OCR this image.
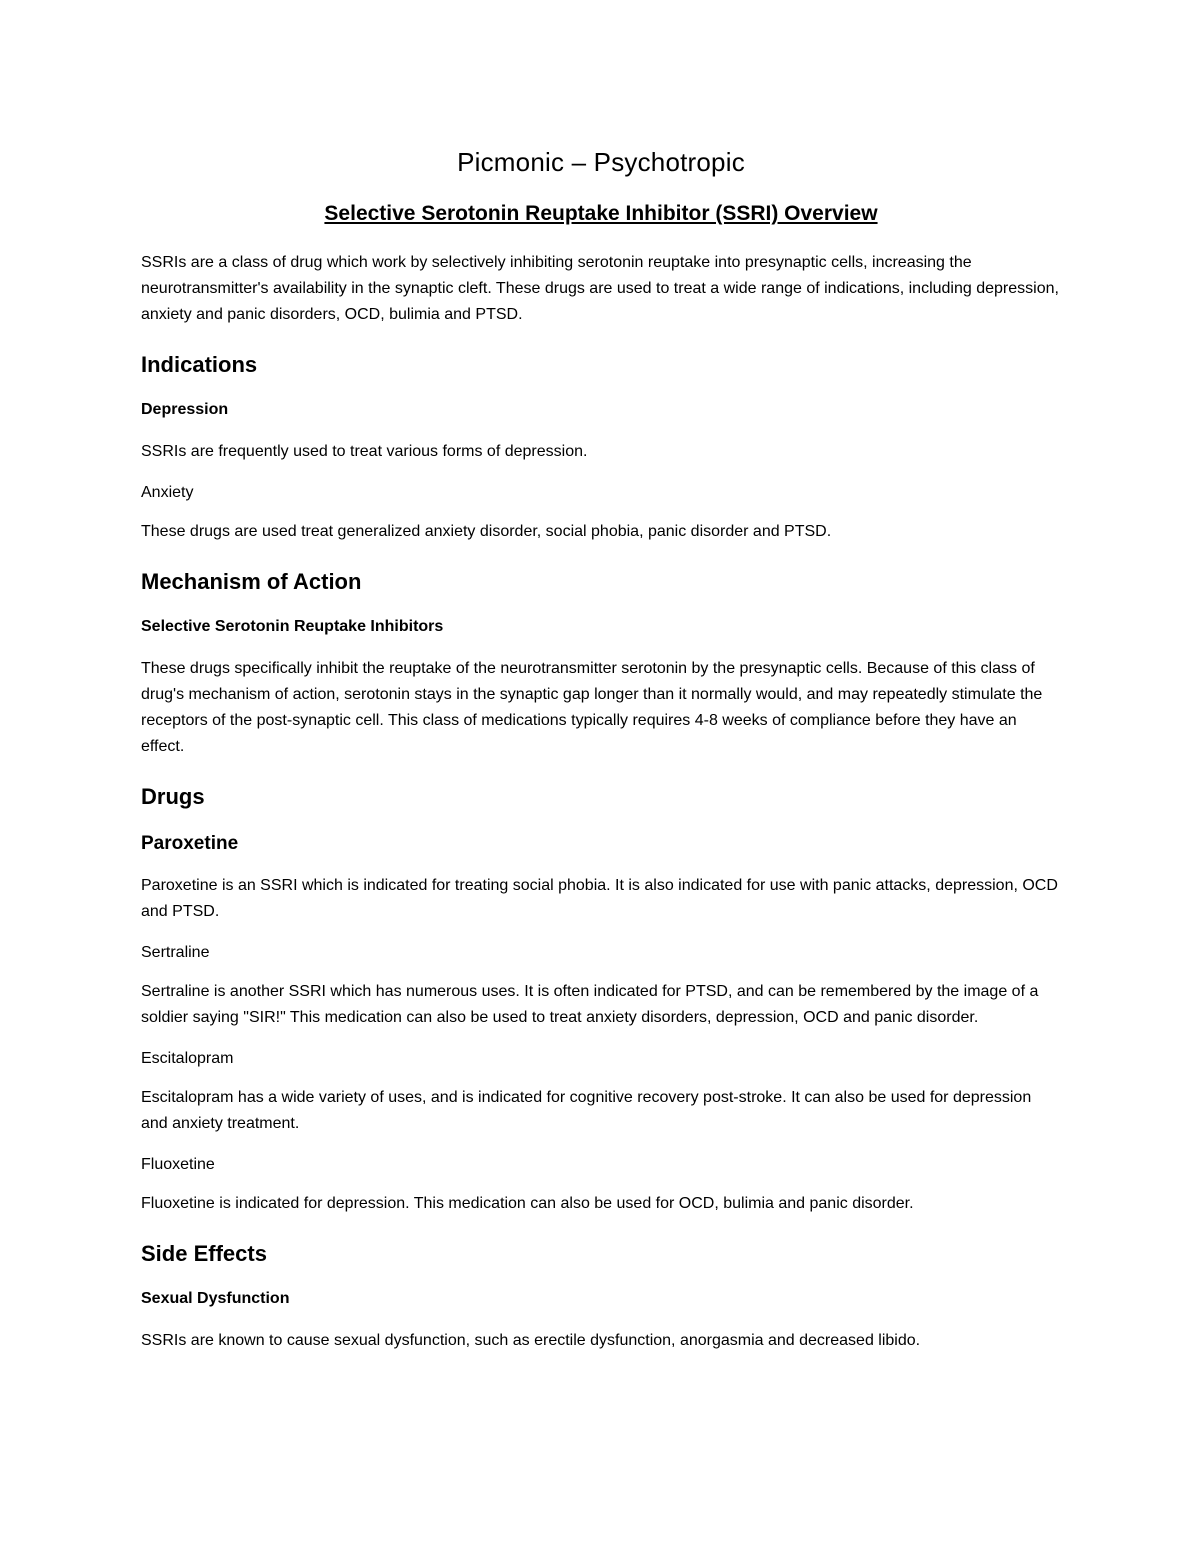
Picmonic – Psychotropic
Selective Serotonin Reuptake Inhibitor (SSRI) Overview

SSRIs are a class of drug which work by selectively inhibiting serotonin reuptake into presynaptic cells, increasing the neurotransmitter's availability in the synaptic cleft. These drugs are used to treat a wide range of indications, including depression, anxiety and panic disorders, OCD, bulimia and PTSD.

Indications
Depression

SSRIs are frequently used to treat various forms of depression.

Anxiety

These drugs are used treat generalized anxiety disorder, social phobia, panic disorder and PTSD.

Mechanism of Action
Selective Serotonin Reuptake Inhibitors

These drugs specifically inhibit the reuptake of the neurotransmitter serotonin by the presynaptic cells. Because of this class of drug's mechanism of action, serotonin stays in the synaptic gap longer than it normally would, and may repeatedly stimulate the receptors of the post-synaptic cell. This class of medications typically requires 4-8 weeks of compliance before they have an effect.

Drugs
Paroxetine

Paroxetine is an SSRI which is indicated for treating social phobia. It is also indicated for use with panic attacks, depression, OCD and PTSD.

Sertraline

Sertraline is another SSRI which has numerous uses. It is often indicated for PTSD, and can be remembered by the image of a soldier saying "SIR!" This medication can also be used to treat anxiety disorders, depression, OCD and panic disorder.

Escitalopram

Escitalopram has a wide variety of uses, and is indicated for cognitive recovery post-stroke. It can also be used for depression and anxiety treatment.

Fluoxetine

Fluoxetine is indicated for depression. This medication can also be used for OCD, bulimia and panic disorder.

Side Effects
Sexual Dysfunction

SSRIs are known to cause sexual dysfunction, such as erectile dysfunction, anorgasmia and decreased libido.
